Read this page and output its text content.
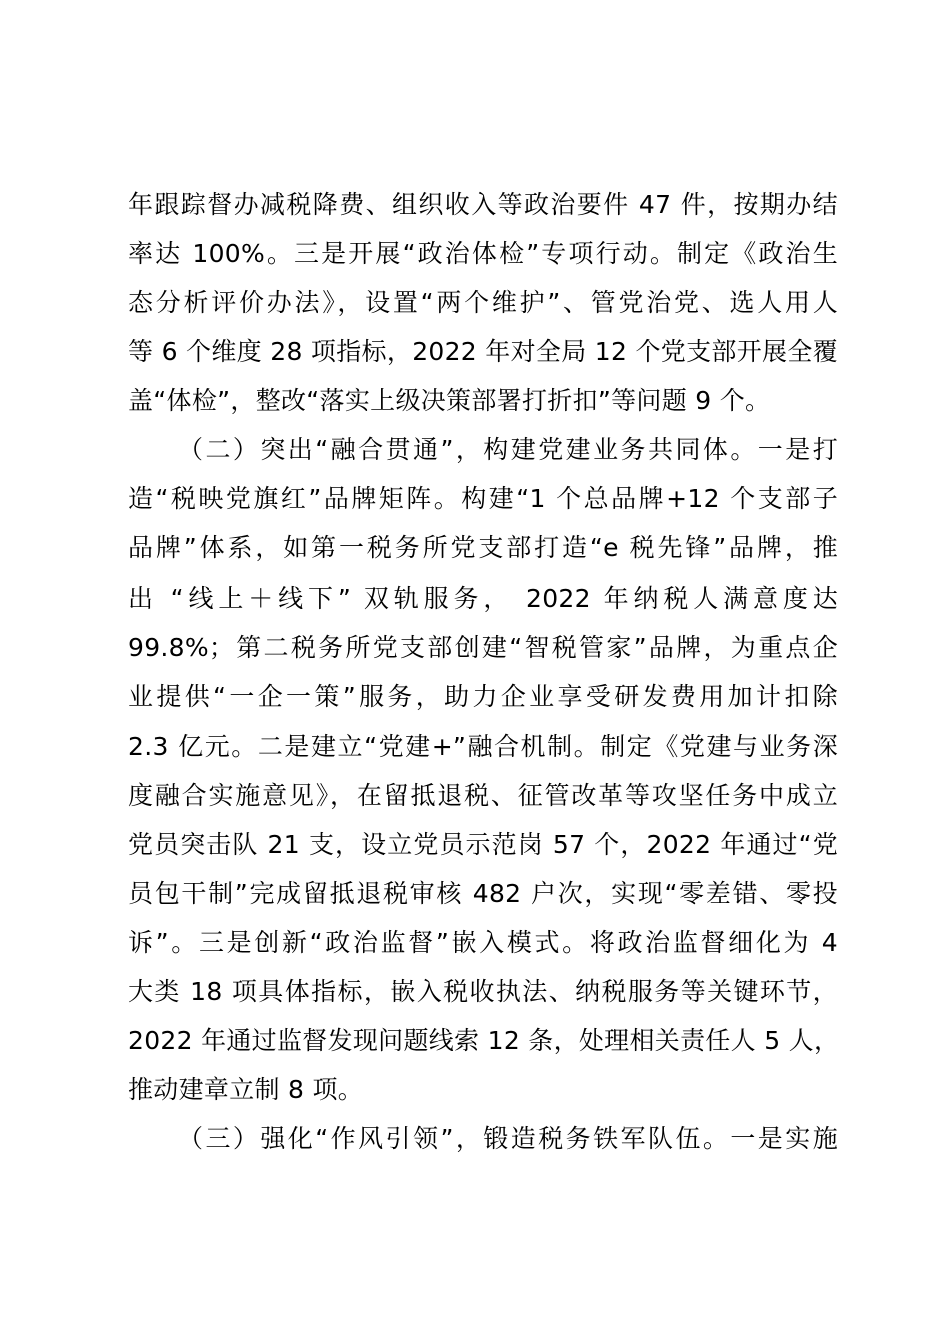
年跟踪督办减税降费、组织收入等政治要件 47 件，按期办结
率达 100%。三是开展“政治体检”专项行动。制定《政治生
态分析评价办法》，设置“两个维护”、管党治党、选人用人
等 6 个维度 28 项指标，2022 年对全局 12 个党支部开展全覆
盖“体检”，整改“落实上级决策部署打折扣”等问题 9 个。
（二）突出“融合贯通”，构建党建业务共同体。一是打
造“税映党旗红”品牌矩阵。构建“1 个总品牌+12 个支部子
品牌”体系，如第一税务所党支部打造“e 税先锋”品牌，推
出 “线上＋线下” 双轨服务， 2022 年纳税人满意度达
99.8%；第二税务所党支部创建“智税管家”品牌，为重点企
业提供“一企一策”服务，助力企业享受研发费用加计扣除
2.3 亿元。二是建立“党建+”融合机制。制定《党建与业务深
度融合实施意见》，在留抵退税、征管改革等攻坚任务中成立
党员突击队 21 支，设立党员示范岗 57 个，2022 年通过“党
员包干制”完成留抵退税审核 482 户次，实现“零差错、零投
诉”。三是创新“政治监督”嵌入模式。将政治监督细化为 4
大类 18 项具体指标，嵌入税收执法、纳税服务等关键环节，
2022 年通过监督发现问题线索 12 条，处理相关责任人 5 人，
推动建章立制 8 项。
（三）强化“作风引领”，锻造税务铁军队伍。一是实施
